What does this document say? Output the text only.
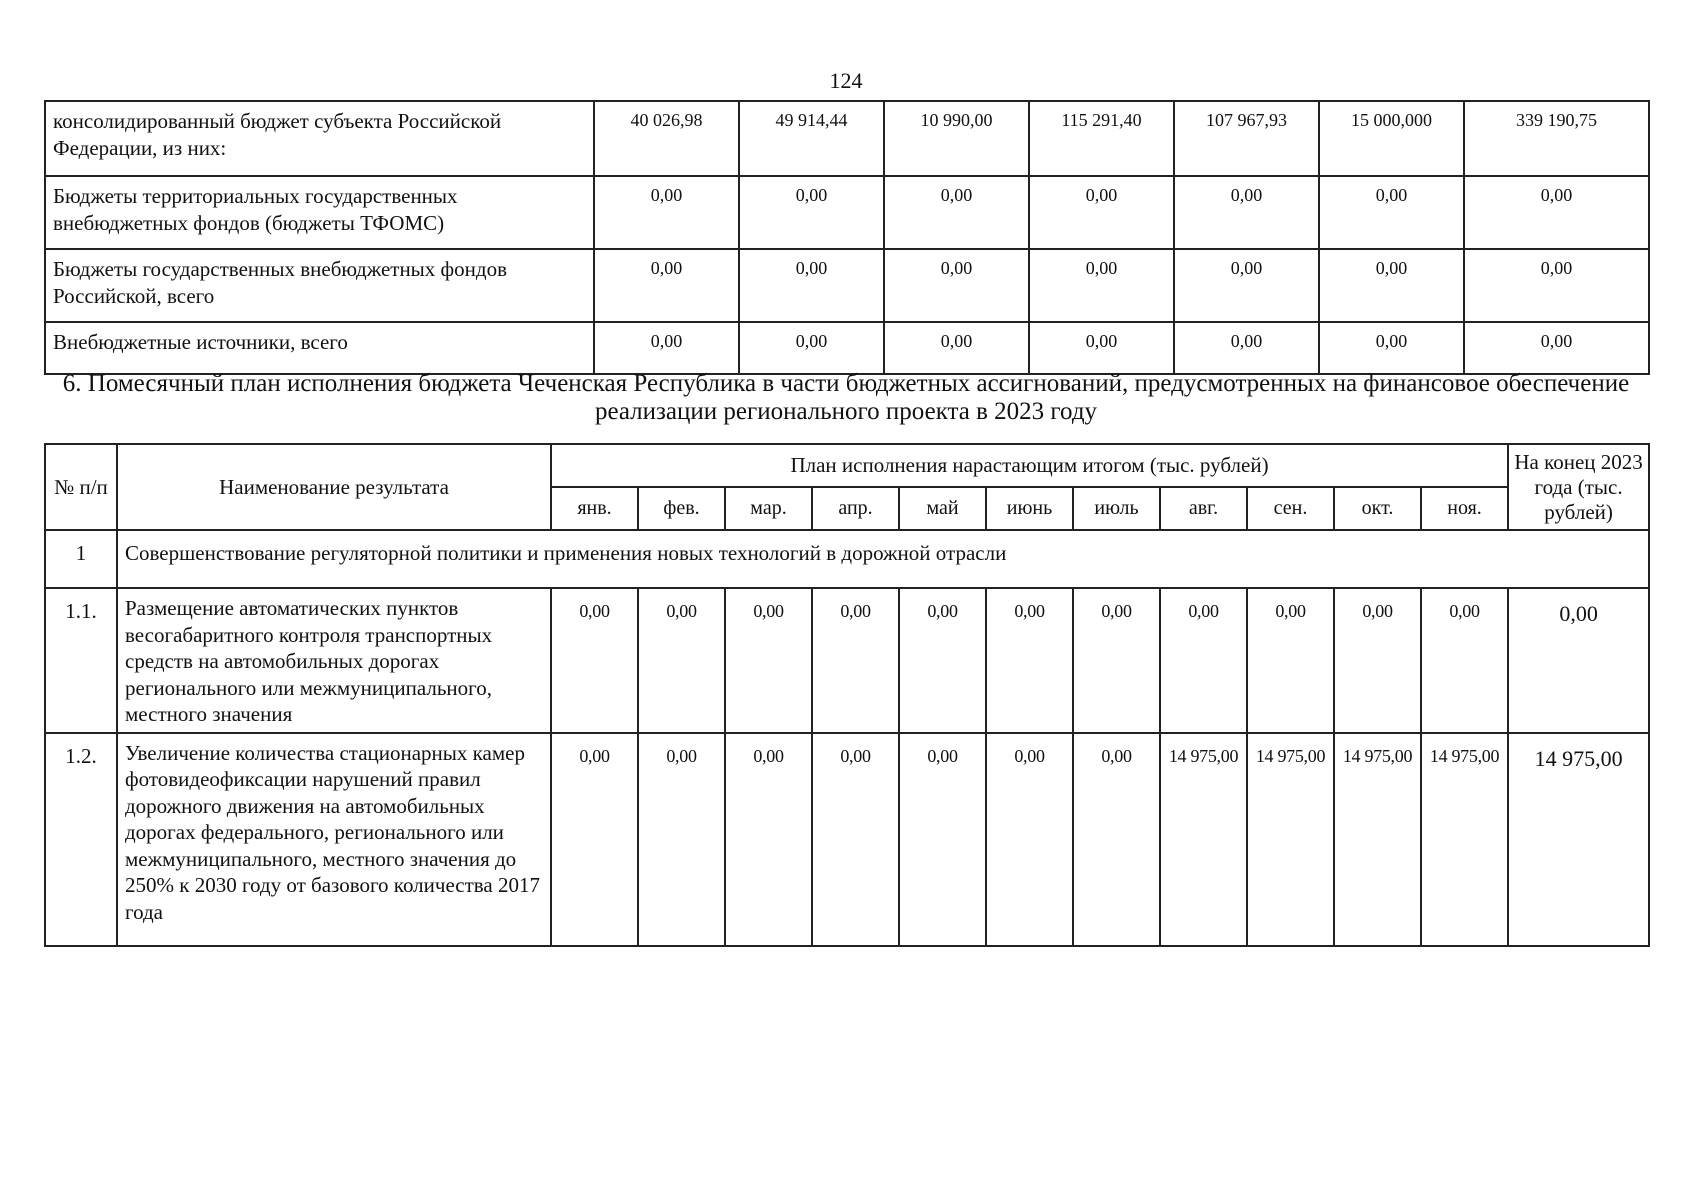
124
консолидированный бюджет субъекта Российской Федерации, из них:	40 026,98	49 914,44	10 990,00	115 291,40	107 967,93	15 000,000	339 190,75
Бюджеты территориальных государственных внебюджетных фондов (бюджеты ТФОМС)	0,00	0,00	0,00	0,00	0,00	0,00	0,00
Бюджеты государственных внебюджетных фондов Российской, всего	0,00	0,00	0,00	0,00	0,00	0,00	0,00
Внебюджетные источники, всего	0,00	0,00	0,00	0,00	0,00	0,00	0,00
6. Помесячный план исполнения бюджета Чеченская Республика в части бюджетных ассигнований, предусмотренных на финансовое обеспечение реализации регионального проекта в 2023 году
№ п/п	Наименование результата	План исполнения нарастающим итогом (тыс. рублей)											На конец 2023 года (тыс. рублей)
		янв.	фев.	мар.	апр.	май	июнь	июль	авг.	сен.	окт.	ноя.	
1	Совершенствование регуляторной политики и применения новых технологий в дорожной отрасли												
1.1.	Размещение автоматических пунктов весогабаритного контроля транспортных средств на автомобильных дорогах регионального или межмуниципального, местного значения	0,00	0,00	0,00	0,00	0,00	0,00	0,00	0,00	0,00	0,00	0,00	0,00
1.2.	Увеличение количества стационарных камер фотовидеофиксации нарушений правил дорожного движения на автомобильных дорогах федерального, регионального или межмуниципального, местного значения до 250% к 2030 году от базового количества 2017 года	0,00	0,00	0,00	0,00	0,00	0,00	0,00	14 975,00	14 975,00	14 975,00	14 975,00	14 975,00
